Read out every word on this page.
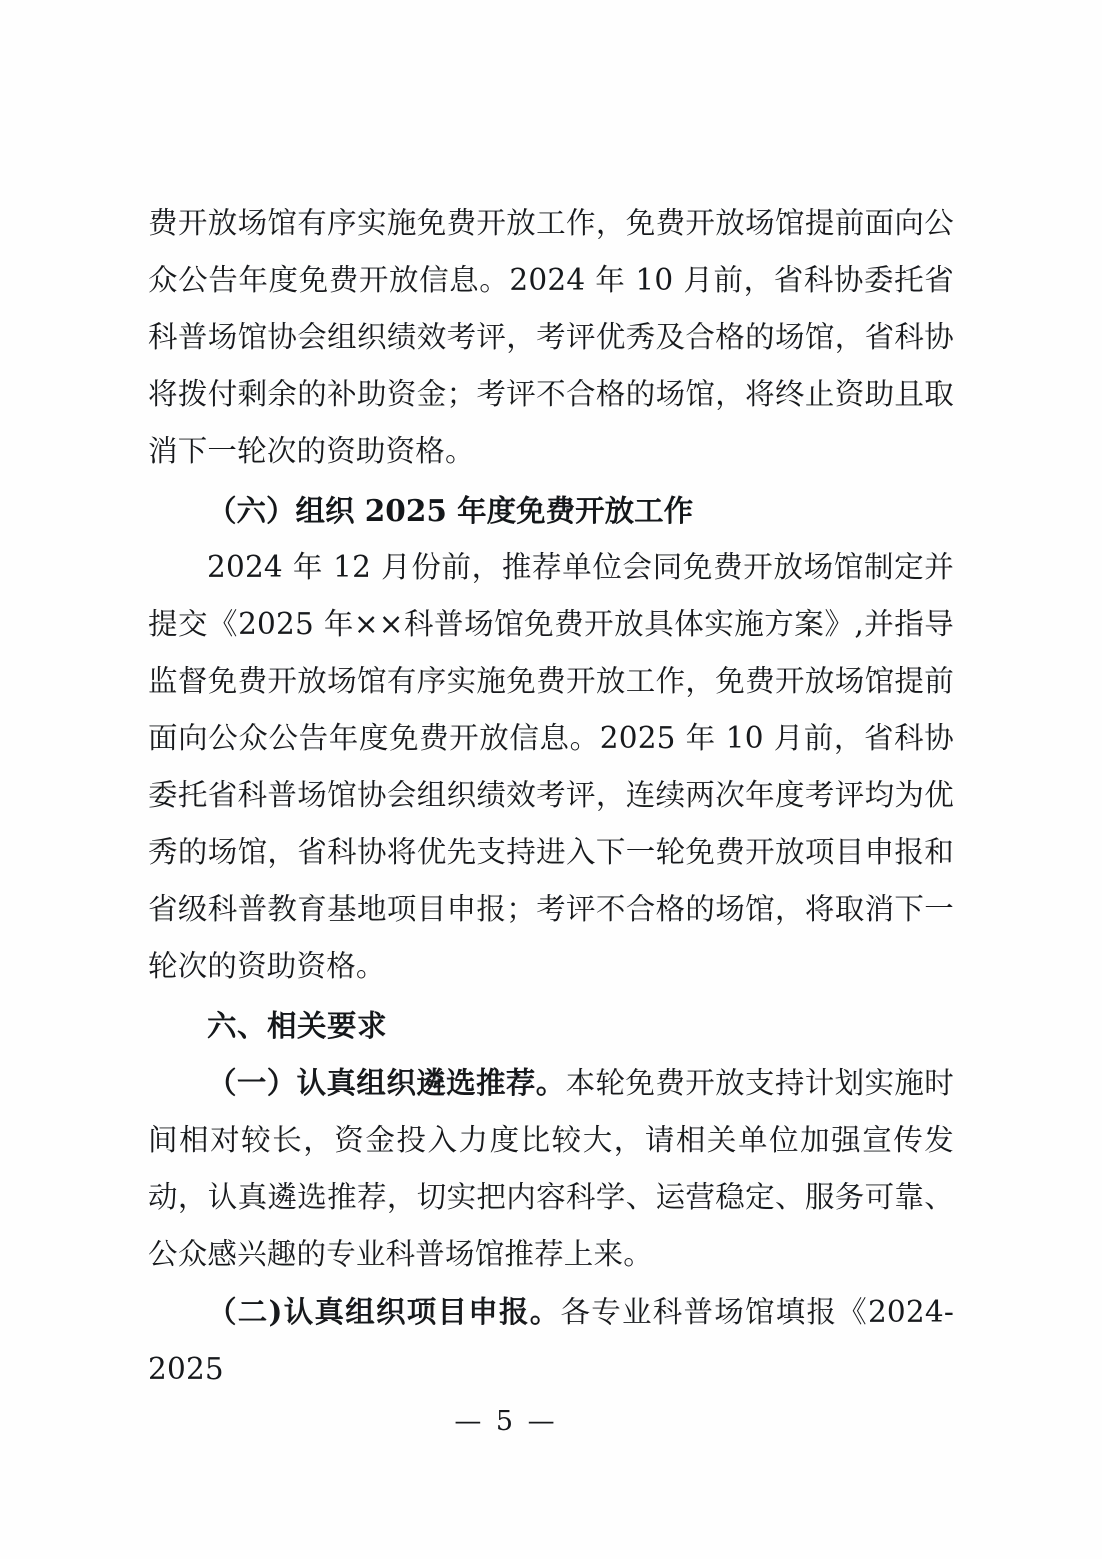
费开放场馆有序实施免费开放工作，免费开放场馆提前面向公众公告年度免费开放信息。2024 年 10 月前，省科协委托省科普场馆协会组织绩效考评，考评优秀及合格的场馆，省科协将拨付剩余的补助资金；考评不合格的场馆，将终止资助且取消下一轮次的资助资格。

（六）组织 2025 年度免费开放工作

2024 年 12 月份前，推荐单位会同免费开放场馆制定并提交《2025 年××科普场馆免费开放具体实施方案》,并指导监督免费开放场馆有序实施免费开放工作，免费开放场馆提前面向公众公告年度免费开放信息。2025 年 10 月前，省科协委托省科普场馆协会组织绩效考评，连续两次年度考评均为优秀的场馆，省科协将优先支持进入下一轮免费开放项目申报和省级科普教育基地项目申报；考评不合格的场馆，将取消下一轮次的资助资格。

六、相关要求

（一）认真组织遴选推荐。本轮免费开放支持计划实施时间相对较长，资金投入力度比较大，请相关单位加强宣传发动，认真遴选推荐，切实把内容科学、运营稳定、服务可靠、公众感兴趣的专业科普场馆推荐上来。

（二)认真组织项目申报。各专业科普场馆填报《2024-2025

— 5 —
